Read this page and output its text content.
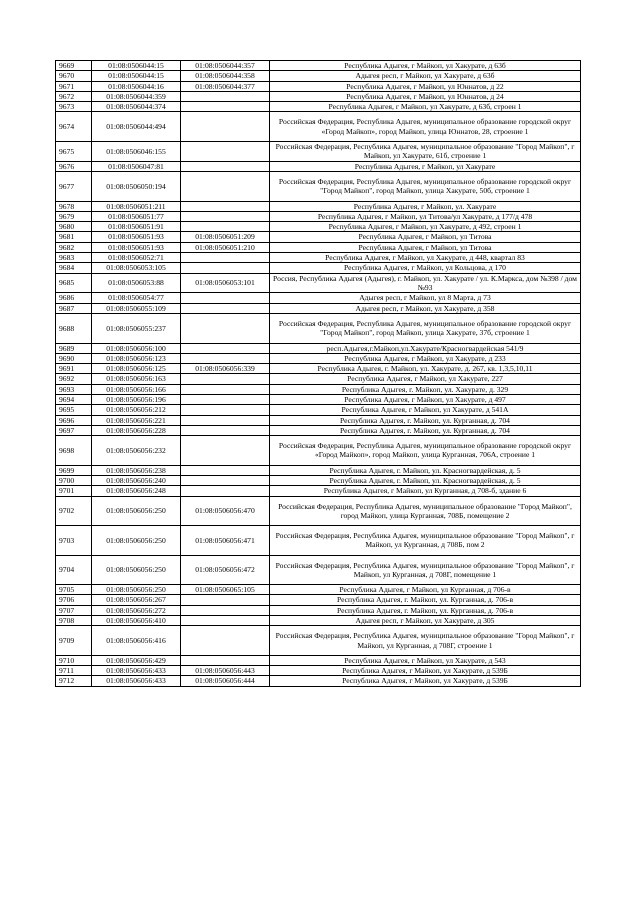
9669	01:08:0506044:15	01:08:0506044:357	Республика Адыгея, г Майкоп, ул Хакурате, д 63б
9670	01:08:0506044:15	01:08:0506044:358	Адыгея респ, г Майкоп, ул Хакурате, д 63б
9671	01:08:0506044:16	01:08:0506044:377	Республика Адыгея, г Майкоп, ул Юннатов, д 22
9672	01:08:0506044:359		Республика Адыгея, г Майкоп, ул Юннатов, д 24
9673	01:08:0506044:374		Республика Адыгея, г Майкоп, ул Хакурате, д 63б, строен 1
9674	01:08:0506044:494		Российская Федерация, Республика Адыгея, муниципальное образование городской округ «Город Майкоп», город Майкоп, улица Юннатов, 28, строение 1
9675	01:08:0506046:155		Российская Федерация, Республика Адыгея, муниципальное образование "Город Майкоп", г Майкоп, ул Хакурате, 61б, строение 1
9676	01:08:0506047:81		Республика Адыгея, г Майкоп, ул Хакурате
9677	01:08:0506050:194		Российская Федерация, Республика Адыгея, муниципальное образование городской округ "Город Майкоп", город Майкоп, улица Хакурате, 50б, строение 1
9678	01:08:0506051:211		Республика Адыгея, г Майкоп, ул. Хакурате
9679	01:08:0506051:77		Республика Адыгея, г Майкоп, ул Титова/ул Хакурате, д 177/д 478
9680	01:08:0506051:91		Республика Адыгея, г Майкоп, ул Хакурате, д 492, строен 1
9681	01:08:0506051:93	01:08:0506051:209	Республика Адыгея, г Майкоп, ул Титова
9682	01:08:0506051:93	01:08:0506051:210	Республика Адыгея, г Майкоп, ул Титова
9683	01:08:0506052:71		Республика Адыгея, г Майкоп, ул Хакурате, д 448, квартал 83
9684	01:08:0506053:105		Республика Адыгея, г Майкоп, ул Кольцова, д 170
9685	01:08:0506053:88	01:08:0506053:101	Россия, Республика Адыгея (Адыгея), г. Майкоп, ул. Хакурате / ул. К.Маркса, дом №398 / дом №93
9686	01:08:0506054:77		Адыгея респ, г Майкоп, ул 8 Марта, д 73
9687	01:08:0506055:109		Адыгея респ, г Майкоп, ул Хакурате, д 358
9688	01:08:0506055:237		Российская Федерация, Республика Адыгея, муниципальное образование городской округ "Город Майкоп", город Майкоп, улица Хакурате, 37б, строение 1
9689	01:08:0506056:100		респ.Адыгея,г.Майкоп,ул.Хакурате/Красногвардейская 541/9
9690	01:08:0506056:123		Республика Адыгея, г Майкоп, ул Хакурате, д 233
9691	01:08:0506056:125	01:08:0506056:339	Республика Адыгея, г. Майкоп, ул. Хакурате, д. 267, кв. 1,3,5,10,11
9692	01:08:0506056:163		Республика Адыгея, г Майкоп, ул Хакурате, 227
9693	01:08:0506056:166		Республика Адыгея, г. Майкоп, ул. Хакурате, д. 329
9694	01:08:0506056:196		Республика Адыгея, г Майкоп, ул Хакурате, д 497
9695	01:08:0506056:212		Республика Адыгея, г Майкоп, ул Хакурате, д 541А
9696	01:08:0506056:221		Республика Адыгея, г. Майкоп, ул. Курганная, д. 704
9697	01:08:0506056:228		Республика Адыгея, г. Майкоп, ул. Курганная, д. 704
9698	01:08:0506056:232		Российская Федерация, Республика Адыгея, муниципальное образование городской округ «Город Майкоп», город Майкоп, улица Курганная, 706А, строение 1
9699	01:08:0506056:238		Республика Адыгея, г. Майкоп, ул. Красногвардейская, д. 5
9700	01:08:0506056:240		Республика Адыгея, г. Майкоп, ул. Красногвардейская, д. 5
9701	01:08:0506056:248		Республика Адыгея, г Майкоп, ул Курганная, д 708-б, здание 6
9702	01:08:0506056:250	01:08:0506056:470	Российская Федерация, Республика Адыгея, муниципальное образование "Город Майкоп", город Майкоп, улица Курганная, 708Б, помещение 2
9703	01:08:0506056:250	01:08:0506056:471	Российская Федерация, Республика Адыгея, муниципальное образование "Город Майкоп", г Майкоп, ул Курганная, д 708Б, пом 2
9704	01:08:0506056:250	01:08:0506056:472	Российская Федерация, Республика Адыгея, муниципальное образование "Город Майкоп", г Майкоп, ул Курганная, д 708Г, помещение 1
9705	01:08:0506056:250	01:08:0506065:105	Республика Адыгея, г Майкоп, ул Курганная, д 706-в
9706	01:08:0506056:267		Республика Адыгея, г. Майкоп, ул. Курганная, д. 706-в
9707	01:08:0506056:272		Республика Адыгея, г. Майкоп, ул. Курганная, д. 706-в
9708	01:08:0506056:410		Адыгея респ, г Майкоп, ул Хакурате, д 305
9709	01:08:0506056:416		Российская Федерация, Республика Адыгея, муниципальное образование "Город Майкоп", г Майкоп, ул Курганная, д 708Г, строение 1
9710	01:08:0506056:429		Республика Адыгея, г Майкоп, ул Хакурате, д 543
9711	01:08:0506056:433	01:08:0506056:443	Республика Адыгея, г Майкоп, ул Хакурате, д 539Б
9712	01:08:0506056:433	01:08:0506056:444	Республика Адыгея, г Майкоп, ул Хакурате, д 539Б
